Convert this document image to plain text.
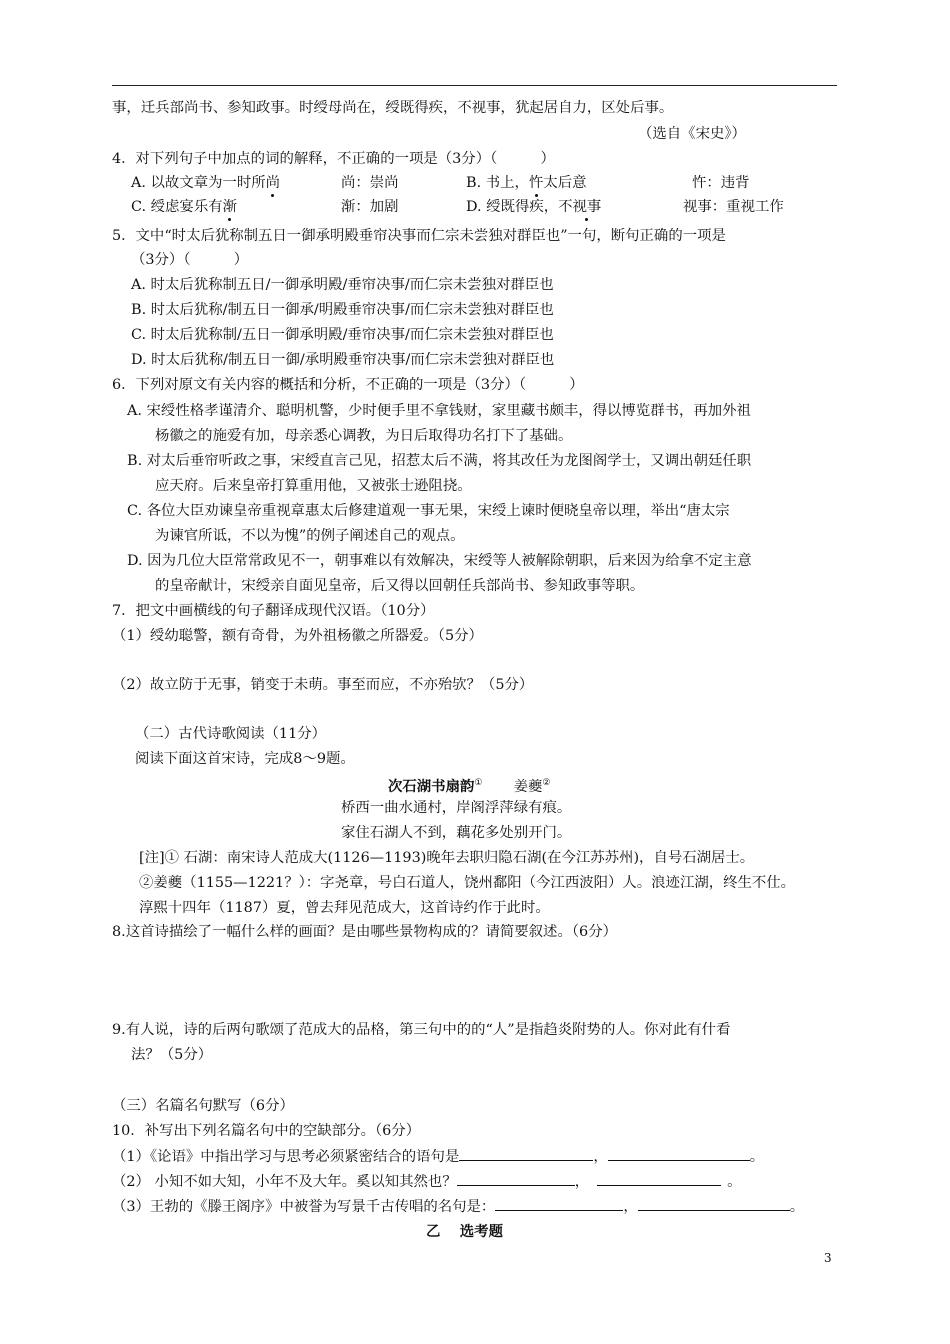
事，迁兵部尚书、参知政事。时绶母尚在，绶既得疾，不视事，犹起居自力，区处后事。
（选自《宋史》）
4．对下列句子中加点的词的解释，不正确的一项是（3分）（　　　）
A. 以故文章为一时所尚	尚：崇尚	B. 书上，忤太后意	忤：违背
C. 绶虑宴乐有渐	渐：加剧	D. 绶既得疾，不视事	视事：重视工作
5．文中“时太后犹称制五日一御承明殿垂帘决事而仁宗未尝独对群臣也”一句，断句正确的一项是
（3分）（　　　）
A. 时太后犹称制五日/一御承明殿/垂帘决事/而仁宗未尝独对群臣也
B. 时太后犹称/制五日一御承/明殿垂帘决事/而仁宗未尝独对群臣也
C. 时太后犹称制/五日一御承明殿/垂帘决事/而仁宗未尝独对群臣也
D. 时太后犹称/制五日一御/承明殿垂帘决事/而仁宗未尝独对群臣也
6．下列对原文有关内容的概括和分析，不正确的一项是（3分）（　　　）
A. 宋绶性格孝谨清介、聪明机警，少时便手里不拿钱财，家里藏书颇丰，得以博览群书，再加外祖
杨徽之的施爱有加，母亲悉心调教，为日后取得功名打下了基础。
B. 对太后垂帘听政之事，宋绶直言己见，招惹太后不满，将其改任为龙图阁学士，又调出朝廷任职
应天府。后来皇帝打算重用他，又被张士逊阻挠。
C. 各位大臣劝谏皇帝重视章惠太后修建道观一事无果，宋绶上谏时便晓皇帝以理，举出“唐太宗
为谏官所诋，不以为愧”的例子阐述自己的观点。
D. 因为几位大臣常常政见不一，朝事难以有效解决，宋绶等人被解除朝职，后来因为给拿不定主意
的皇帝献计，宋绶亲自面见皇帝，后又得以回朝任兵部尚书、参知政事等职。
7．把文中画横线的句子翻译成现代汉语。（10分）
（1）绶幼聪警，额有奇骨，为外祖杨徽之所器爱。（5分）
（2）故立防于无事，销变于未萌。事至而应，不亦殆欤？（5分）
（二）古代诗歌阅读（11分）
阅读下面这首宋诗，完成8～9题。
次石湖书扇韵① 姜夔②
桥西一曲水通村，岸阁浮萍绿有痕。
家住石湖人不到，藕花多处别开门。
[注]① 石湖：南宋诗人范成大(1126—1193)晚年去职归隐石湖(在今江苏苏州)，自号石湖居士。
②姜夔（1155—1221？）：字尧章，号白石道人，饶州鄱阳（今江西波阳）人。浪迹江湖，终生不仕。
淳熙十四年（1187）夏，曾去拜见范成大，这首诗约作于此时。
8.这首诗描绘了一幅什么样的画面？是由哪些景物构成的？请简要叙述。（6分）
9.有人说，诗的后两句歌颂了范成大的品格，第三句中的的“人”是指趋炎附势的人。你对此有什看
法？（5分）
（三）名篇名句默写（6分）
10．补写出下列名篇名句中的空缺部分。（6分）
（1）《论语》中指出学习与思考必须紧密结合的语句是	，	。
（2） 小知不如大知，小年不及大年。奚以知其然也？	，	。
（3）王勃的《滕王阁序》中被誉为写景千古传唱的名句是：	，	。
乙　 选考题
3
